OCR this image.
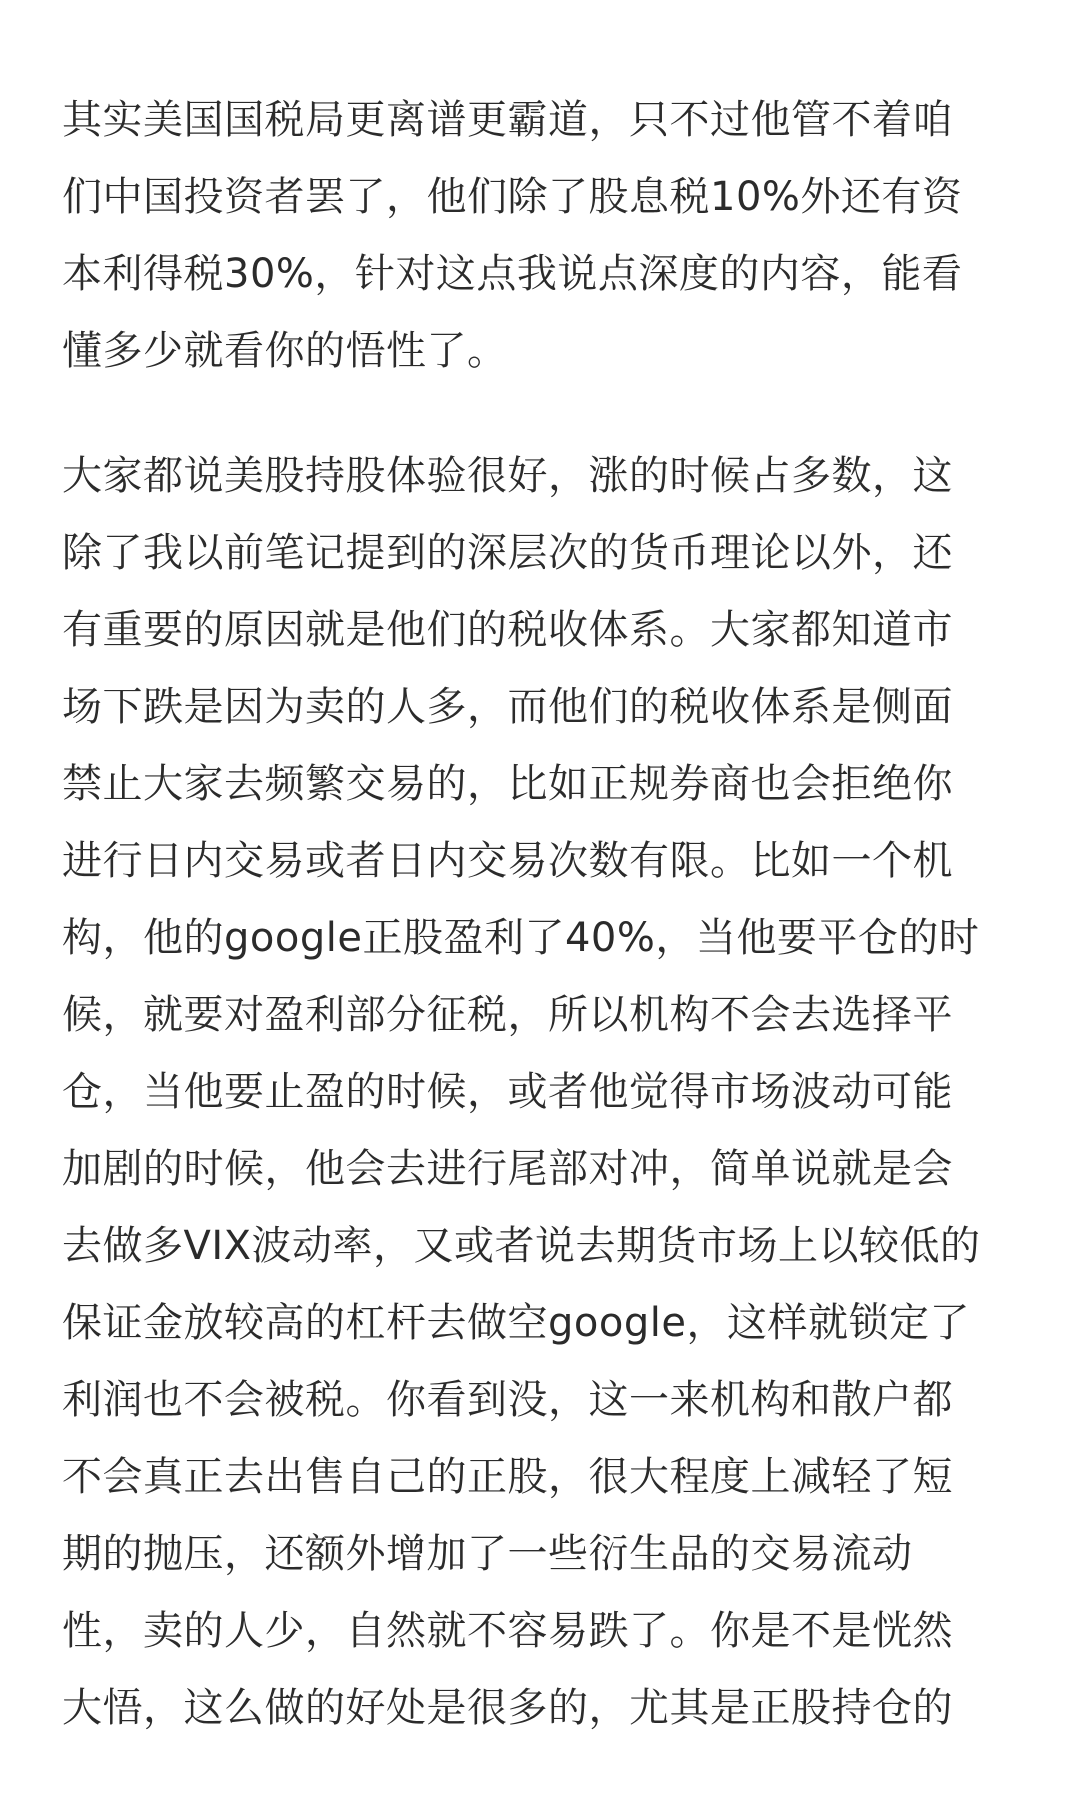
其实美国国税局更离谱更霸道，只不过他管不着咱
们中国投资者罢了，他们除了股息税10%外还有资
本利得税30%，针对这点我说点深度的内容，能看
懂多少就看你的悟性了。
大家都说美股持股体验很好，涨的时候占多数，这
除了我以前笔记提到的深层次的货币理论以外，还
有重要的原因就是他们的税收体系。大家都知道市
场下跌是因为卖的人多，而他们的税收体系是侧面
禁止大家去频繁交易的，比如正规券商也会拒绝你
进行日内交易或者日内交易次数有限。比如一个机
构，他的google正股盈利了40%，当他要平仓的时
候，就要对盈利部分征税，所以机构不会去选择平
仓，当他要止盈的时候，或者他觉得市场波动可能
加剧的时候，他会去进行尾部对冲，简单说就是会
去做多VIX波动率，又或者说去期货市场上以较低的
保证金放较高的杠杆去做空google，这样就锁定了
利润也不会被税。你看到没，这一来机构和散户都
不会真正去出售自己的正股，很大程度上减轻了短
期的抛压，还额外增加了一些衍生品的交易流动
性，卖的人少，自然就不容易跌了。你是不是恍然
大悟，这么做的好处是很多的，尤其是正股持仓的
